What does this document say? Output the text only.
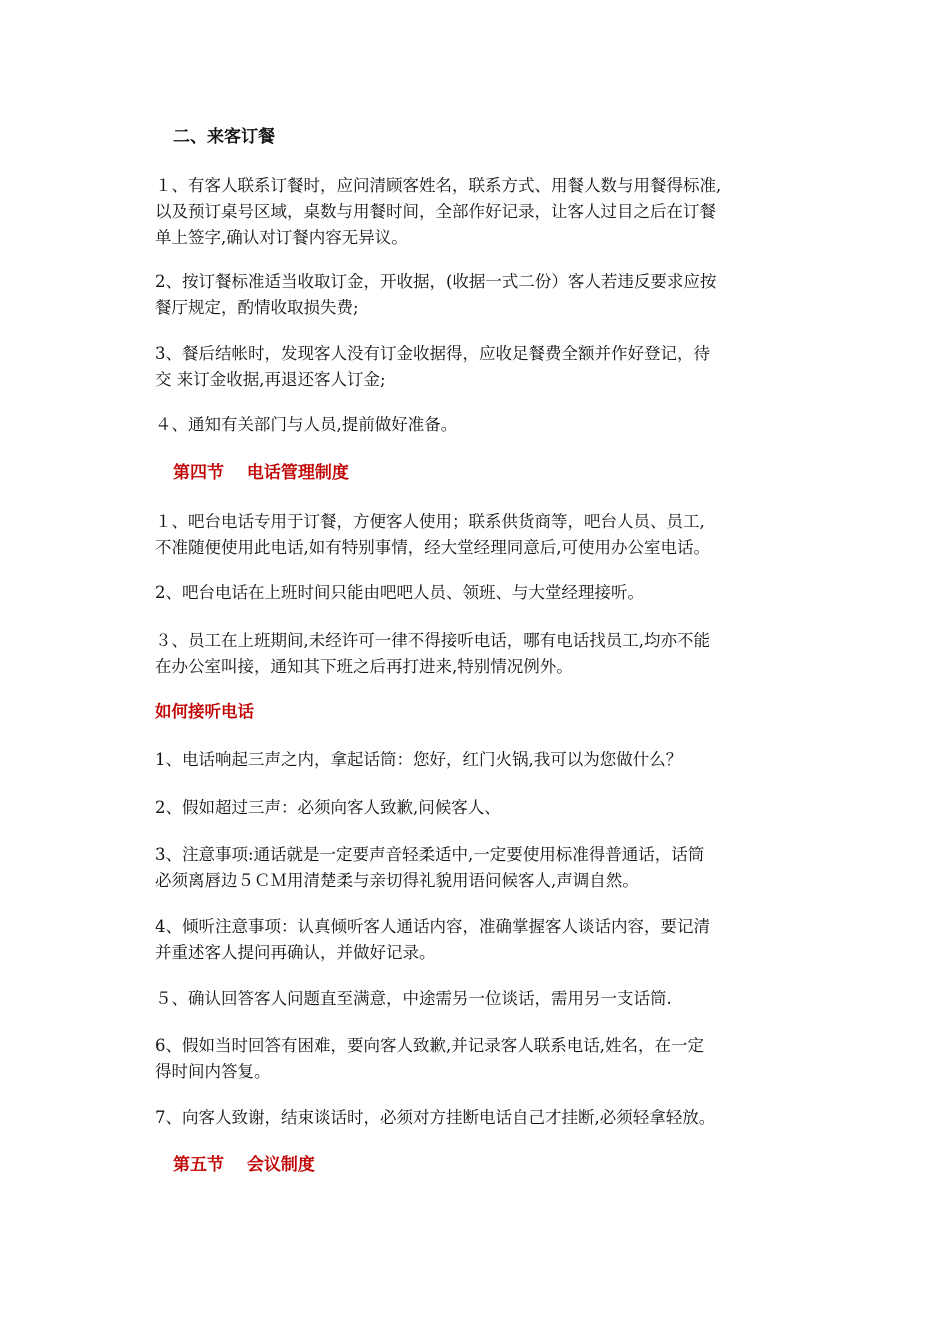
二、来客订餐

１、有客人联系订餐时，应问清顾客姓名，联系方式、用餐人数与用餐得标准,
以及预订桌号区域，桌数与用餐时间，全部作好记录，让客人过目之后在订餐
单上签字,确认对订餐内容无异议。

2、按订餐标准适当收取订金，开收据，(收据一式二份）客人若违反要求应按
餐厅规定，酌情收取损失费;

3、餐后结帐时，发现客人没有订金收据得，应收足餐费全额并作好登记，待
交 来订金收据,再退还客人订金;

４、通知有关部门与人员,提前做好准备。

第四节　 电话管理制度

１、吧台电话专用于订餐，方便客人使用；联系供货商等，吧台人员、员工,
不准随便使用此电话,如有特别事情，经大堂经理同意后,可使用办公室电话。

2、吧台电话在上班时间只能由吧吧人员、领班、与大堂经理接听。

３、员工在上班期间,未经许可一律不得接听电话，哪有电话找员工,均亦不能
在办公室叫接，通知其下班之后再打进来,特别情况例外。

如何接听电话

1、电话响起三声之内，拿起话筒：您好，红门火锅,我可以为您做什么？

2、假如超过三声：必须向客人致歉,问候客人、

3、注意事项:通话就是一定要声音轻柔适中,一定要使用标准得普通话，话筒
必须离唇边５ＣＭ用清楚柔与亲切得礼貌用语问候客人,声调自然。

4、倾听注意事项：认真倾听客人通话内容，准确掌握客人谈话内容，要记清
并重述客人提问再确认，并做好记录。

５、确认回答客人问题直至满意，中途需另一位谈话，需用另一支话筒.

6、假如当时回答有困难，要向客人致歉,并记录客人联系电话,姓名，在一定
得时间内答复。

7、向客人致谢，结束谈话时，必须对方挂断电话自己才挂断,必须轻拿轻放。

第五节　 会议制度
